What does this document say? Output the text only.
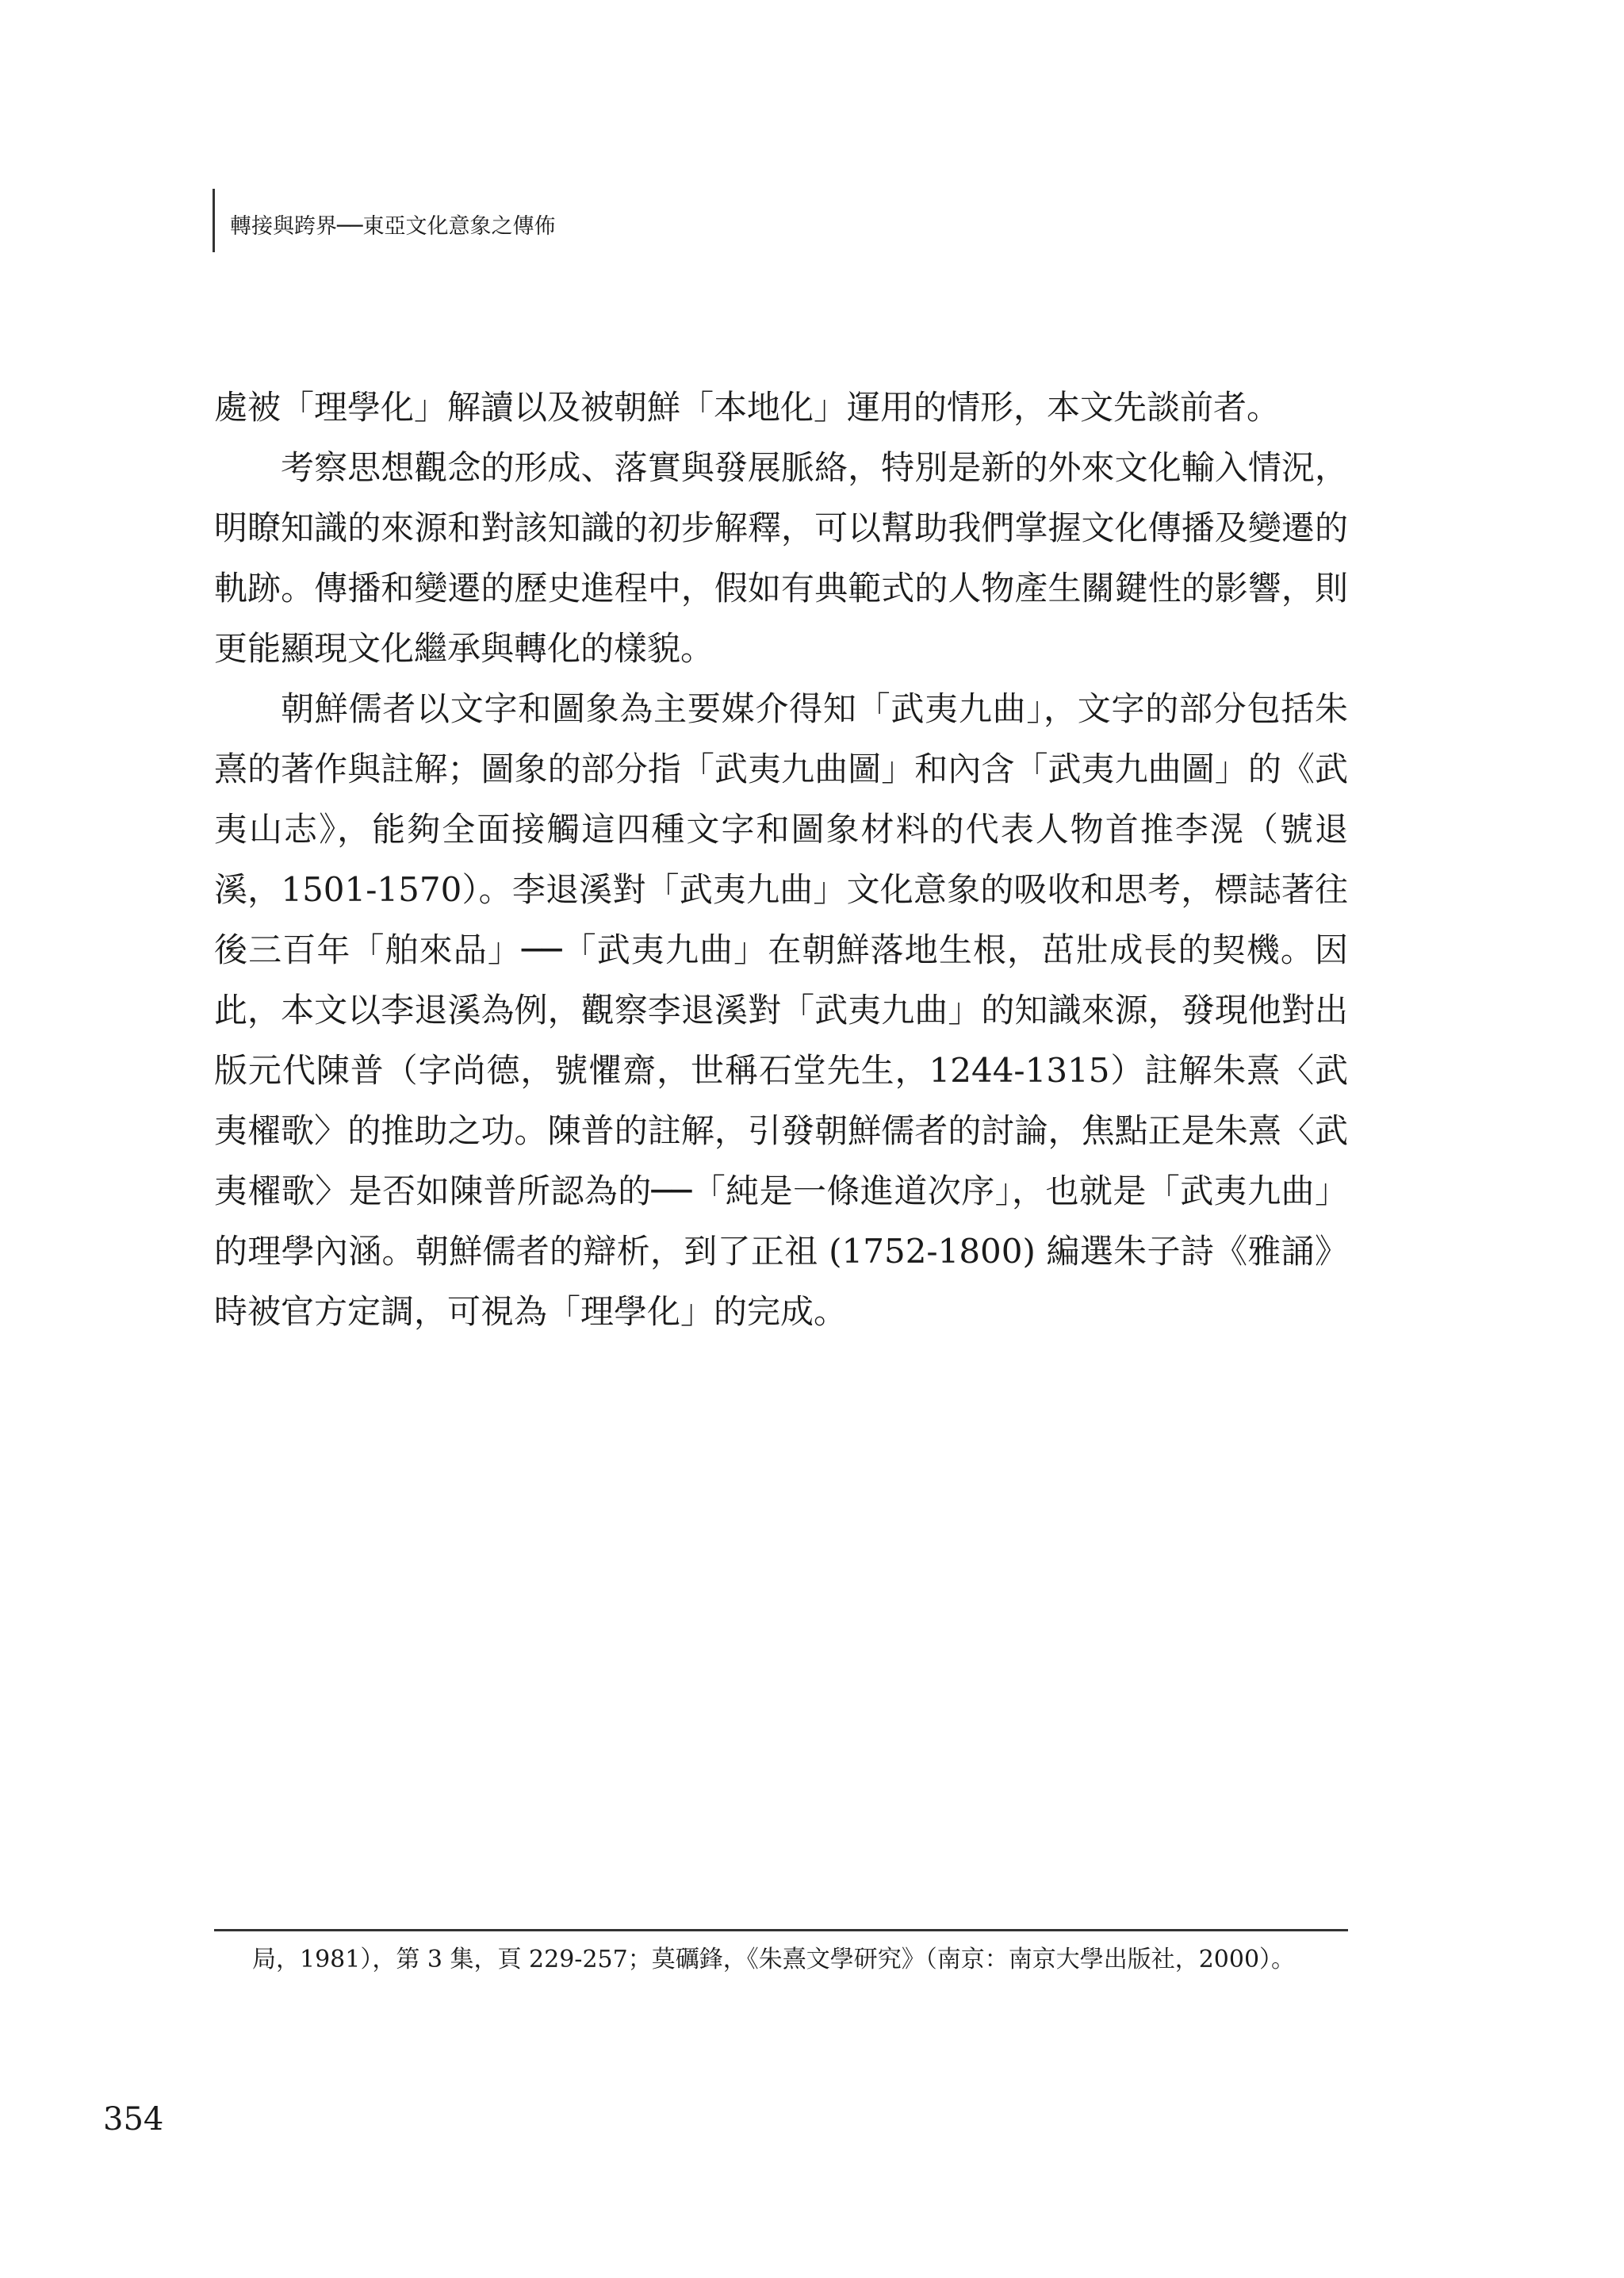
轉接與跨界──東亞文化意象之傳佈

處被「理學化」解讀以及被朝鮮「本地化」運用的情形，本文先談前者。

考察思想觀念的形成、落實與發展脈絡，特別是新的外來文化輸入情況，明瞭知識的來源和對該知識的初步解釋，可以幫助我們掌握文化傳播及變遷的軌跡。傳播和變遷的歷史進程中，假如有典範式的人物產生關鍵性的影響，則更能顯現文化繼承與轉化的樣貌。

朝鮮儒者以文字和圖象為主要媒介得知「武夷九曲」，文字的部分包括朱熹的著作與註解；圖象的部分指「武夷九曲圖」和內含「武夷九曲圖」的《武夷山志》，能夠全面接觸這四種文字和圖象材料的代表人物首推李滉（號退溪，1501-1570）。李退溪對「武夷九曲」文化意象的吸收和思考，標誌著往後三百年「舶來品」──「武夷九曲」在朝鮮落地生根，茁壯成長的契機。因此，本文以李退溪為例，觀察李退溪對「武夷九曲」的知識來源，發現他對出版元代陳普（字尚德，號懼齋，世稱石堂先生，1244-1315）註解朱熹〈武夷櫂歌〉的推助之功。陳普的註解，引發朝鮮儒者的討論，焦點正是朱熹〈武夷櫂歌〉是否如陳普所認為的──「純是一條進道次序」，也就是「武夷九曲」的理學內涵。朝鮮儒者的辯析，到了正祖 (1752-1800) 編選朱子詩《雅誦》時被官方定調，可視為「理學化」的完成。

局，1981），第 3 集，頁 229-257；莫礪鋒，《朱熹文學研究》（南京：南京大學出版社，2000）。
354
